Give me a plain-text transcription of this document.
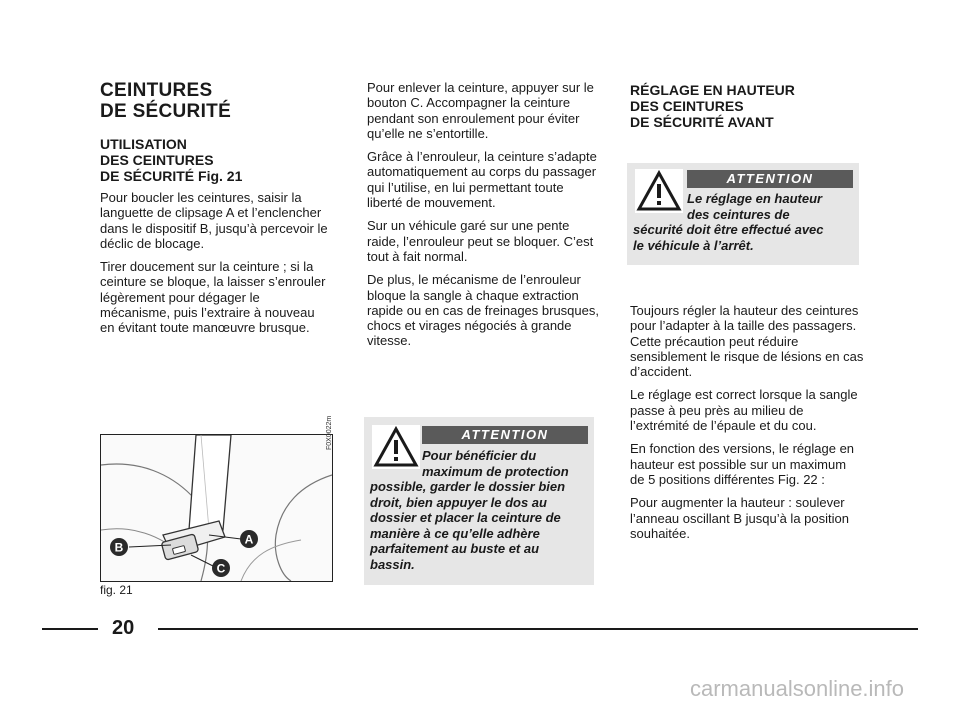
CEINTURES
DE SÉCURITÉ
UTILISATION
DES CEINTURES
DE SÉCURITÉ Fig. 21

Pour boucler les ceintures, saisir la languette de clipsage A et l’enclencher dans le dispositif B, jusqu’à percevoir le déclic de blocage.

Tirer doucement sur la ceinture ; si la ceinture se bloque, la laisser s’enrouler légèrement pour dégager le mécanisme, puis l’extraire à nouveau en évitant toute manœuvre brusque.

B
A
C
F0X0022m
fig. 21

Pour enlever la ceinture, appuyer sur le bouton C. Accompagner la ceinture pendant son enroulement pour éviter qu’elle ne s’entortille.

Grâce à l’enrouleur, la ceinture s’adapte automatiquement au corps du passager qui l’utilise, en lui permettant toute liberté de mouvement.

Sur un véhicule garé sur une pente raide, l’enrouleur peut se bloquer. C’est tout à fait normal.

De plus, le mécanisme de l’enrouleur bloque la sangle à chaque extraction rapide ou en cas de freinages brusques, chocs et virages négociés à grande vitesse.

ATTENTION
Pour bénéficier du
maximum de protection
possible, garder le dossier bien
droit, bien appuyer le dos au
dossier et placer la ceinture de
manière à ce qu’elle adhère
parfaitement au buste et au
bassin.
RÉGLAGE EN HAUTEUR
DES CEINTURES
DE SÉCURITÉ AVANT
ATTENTION
Le réglage en hauteur
des ceintures de
sécurité doit être effectué avec
le véhicule à l’arrêt.

Toujours régler la hauteur des ceintures pour l’adapter à la taille des passagers. Cette précaution peut réduire sensiblement le risque de lésions en cas d’accident.

Le réglage est correct lorsque la sangle passe à peu près au milieu de l’extrémité de l’épaule et du cou.

En fonction des versions, le réglage en hauteur est possible sur un maximum de 5 positions différentes Fig. 22 :

Pour augmenter la hauteur : soulever l’anneau oscillant B jusqu’à la position souhaitée.

20
carmanualsonline.info
